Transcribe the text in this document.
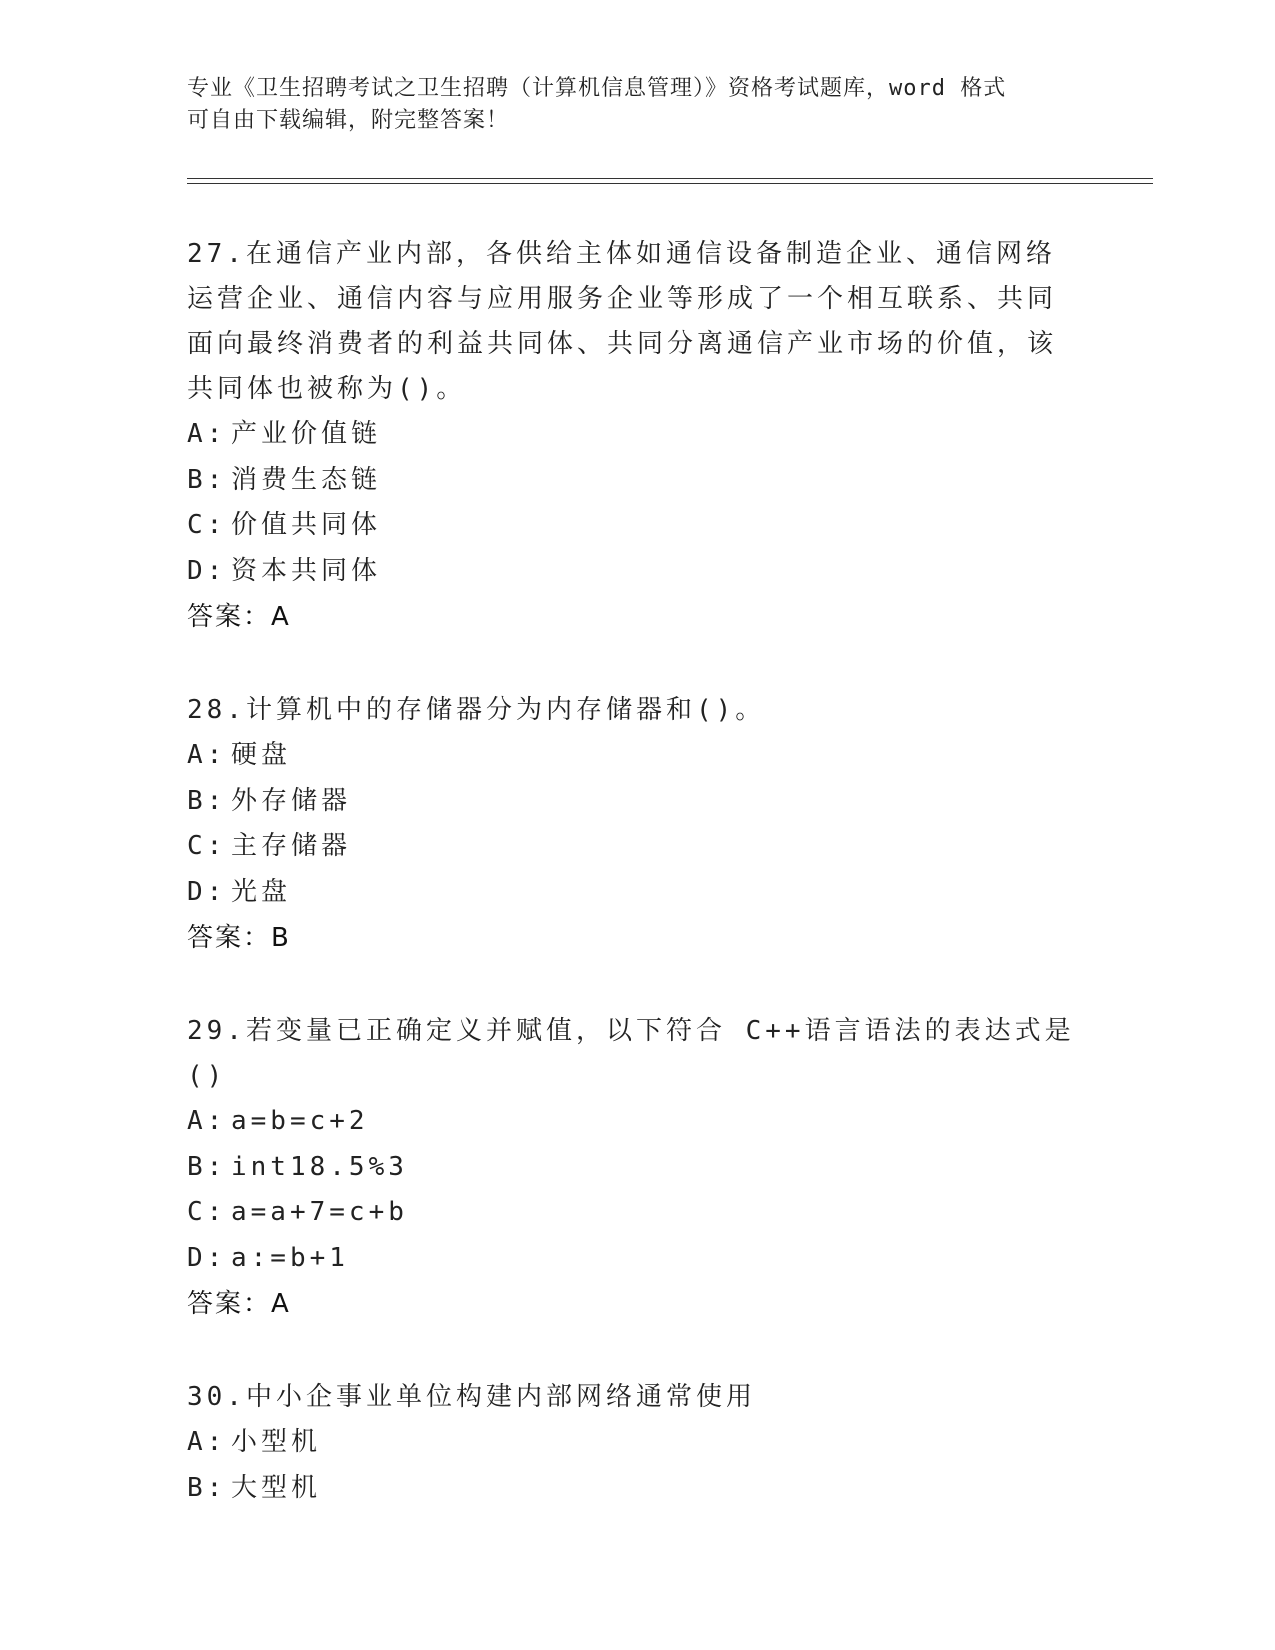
专业《卫生招聘考试之卫生招聘（计算机信息管理）》资格考试题库，word 格式
可自由下载编辑，附完整答案！
27.在通信产业内部，各供给主体如通信设备制造企业、通信网络运营企业、通信内容与应用服务企业等形成了一个相互联系、共同面向最终消费者的利益共同体、共同分离通信产业市场的价值，该共同体也被称为()。
A: 产业价值链
B: 消费生态链
C: 价值共同体
D: 资本共同体
答案：A
28.计算机中的存储器分为内存储器和()。
A: 硬盘
B: 外存储器
C: 主存储器
D: 光盘
答案：B
29.若变量已正确定义并赋值，以下符合 C++语言语法的表达式是()
A: a=b=c+2
B: int18.5%3
C: a=a+7=c+b
D: a:=b+1
答案：A
30.中小企事业单位构建内部网络通常使用
A: 小型机
B: 大型机
